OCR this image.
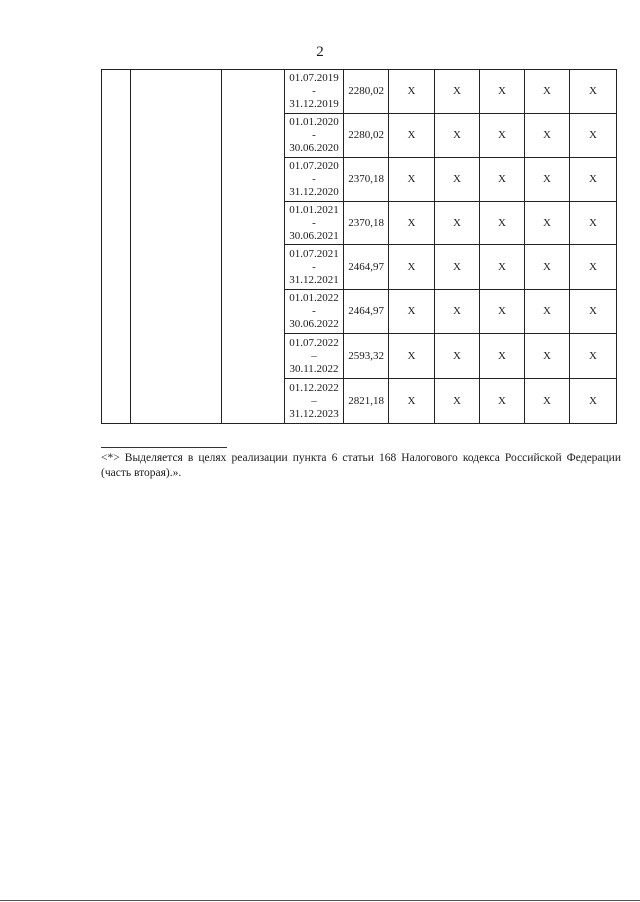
2

			01.07.2019
-
31.12.2019	2280,02	X	X	X	X	X

			01.01.2020
-
30.06.2020	2280,02	X	X	X	X	X

			01.07.2020
-
31.12.2020	2370,18	X	X	X	X	X

			01.01.2021
-
30.06.2021	2370,18	X	X	X	X	X

			01.07.2021
-
31.12.2021	2464,97	X	X	X	X	X

			01.01.2022
-
30.06.2022	2464,97	X	X	X	X	X

			01.07.2022
–
30.11.2022	2593,32	X	X	X	X	X

			01.12.2022
–
31.12.2023	2821,18	X	X	X	X	X
<*> Выделяется в целях реализации пункта 6 статьи 168 Налогового кодекса Российской Федерации (часть вторая).».
